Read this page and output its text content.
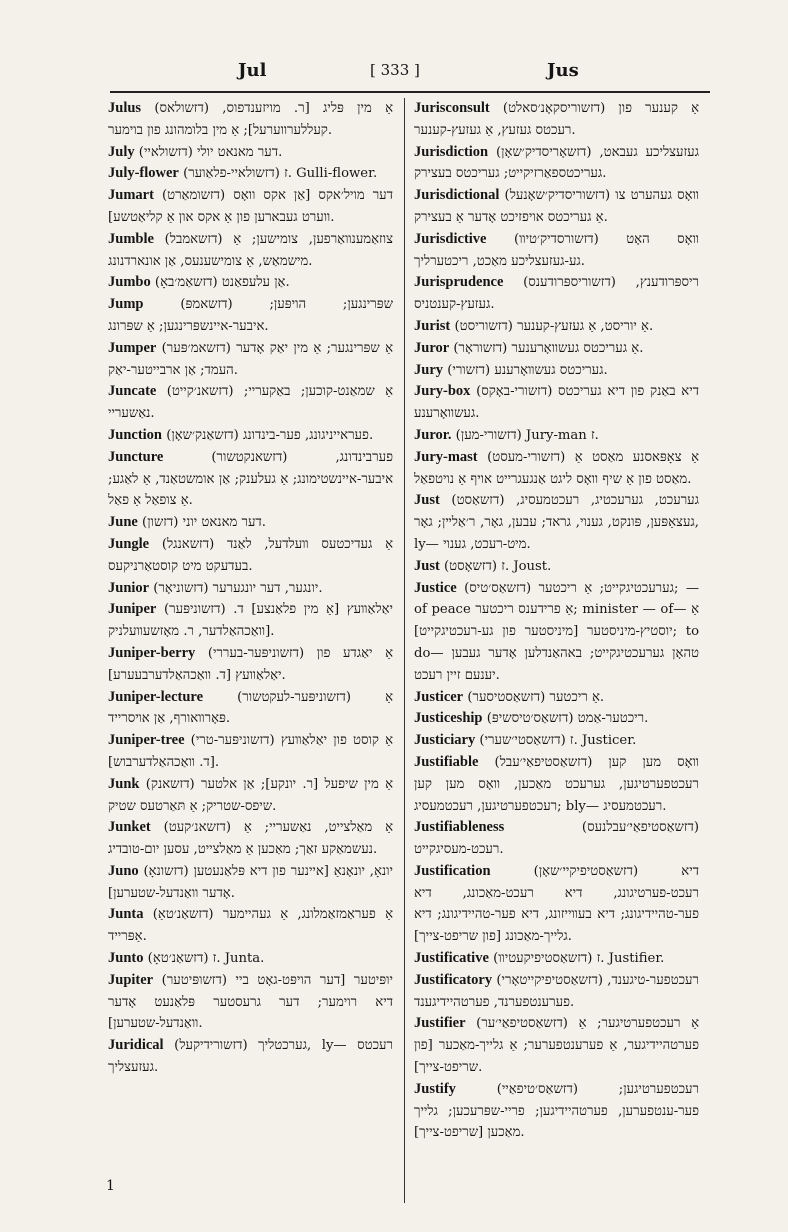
Jul	[ 333 ]	Jus
Julus (דזשולאס) אַ מין פּליג [ר. מויזענדפוס, קעללערװערעל]; אַ מין בלומהונג פון בוימער.
July (דזשולאיי) דער מאנאט יולי.
July-flower (דזשולאיי-פלאַוער) ז. Gulli-flower.
Jumart (דזשומאַרט) דער מויל׳אקס [אַן אקס וואָס װערט געבארען פון אַ אקס און אַ קליאַטשע].
Jumble (דזשאמבל) צוזאַמענװאַרפען, צומישען; אַ מישמאַש, אַ צומישענעס, אַן אונארדנונג.
Jumbo (דזשאַמ׳באָ) אַן עלעפאַנט.
Jump	(דזשאמפּ) שפּרינגען; הויפּען; איבער-איינשפּרינגען; אַ שפּרונג.
Jumper (דזשאמ׳פּער) אַ שפּרינגער; אַ מין יאַק אָדער העמד; אַן ארבייטער-יאַק.
Juncate (דזשאנ׳קייט) אַ שמאַנט-קוכען; באַקעריי; נאַשעריי.
Junction (דזשאַנק׳שאָן) פעראייניגונג, פער-בינדונג.
Juncture	(דזשאנקטשור) פערבינדונג, איבער-איינשטימונג; אַ געלענק; אַן אומשטאַנד, אַ לאַגע; אַ צופאַל אַ פאַל.
June (דזשון) דער מאנאט יוני.
Jungle (דזשאנגל) אַ געדיכטעס װעלדעל, לאַנד בעדעקט מיט קוסטאַרניקעס.
Junior (דזשוניאָר) יונגער, דער יונגערער.
Juniper (דזשוניפּער) יאַלאַװעץ [אַ מין פלאַנצע] ד. װאַכהאַלדער, ר. מאָזשעװעלניק].
Juniper-berry (דזשוניפּער-בעררי) אַ יאַגדע פון יאַלאַװעץ [ד. װאַכהאַלדערבעערע].
Juniper-lecture	אַ (דזשוניפּער-לעקטשור) פּאָרװאורף, אַן אױסרייד.
Juniper-tree (דזשוניפּער-טרי) אַ קוסט פון יאַלאַװעץ [ד. װאַכהאַלדערבוש].
Junk (דזשאנק) אַ מין שיפעל [ר. יונקע]; אַן אלטער שיפס-שטריק; אַ תּאַרטעס שטיק.
Junket (דזשאנ׳קעט) אַ מאַלצייט, נאַשעריי; אַ נעשמאַקע זאַך; מאַכען אַ מאַלצייט, עסען יום-טובדיג.
Juno (דזשונאָ) יונאָ, יונאָנאַ [איינער פון דיא פּלאַנעטען אָדער װאַנדעל-שטערען].
Junta (דזשאַנ׳טאַ) אַ פעראַמזאַמלונג, אַ געהיימער אַפּרייד.
Junto (דזשאַנ׳טאָ) ז. Junta.
Jupiter (דזשופּיטער) יופּיטער [דער הויפּט-גאָט ביי דיא רוימער; דער גרעסטער פּלאַנעט אָדער װאַנדעל-שטערען].
Juridical (דזשורידיקעל) גערכטליך, ly— רעכטס געזעצליך.
Jurisconsult (דזשוריסקאָנ׳סאלט) אַ קענער פון רעכטס געזעץ, אַ געזעץ-קענער.
Jurisdiction (דזשאָריסדיק׳שאָן) געזעצליכע געבאט, געריכטספאַרזיקייט; געריכטס בעצירק.
Jurisdictional (דזשוריסדיק׳שאָנעל) װאָס געהערט צו אַ געריכטס אויפזיכט אָדער אַ בעצירק.
Jurisdictive (דזשורסדיק׳טיװ) װאָס האָט גע-געזעצליכע מאַכט, ריכטערליך.
Jurisprudence (דזשוריספּרודענס) ריספּרודענץ, געזעץ-קענטניס.
Jurist (דזשוריסט) אַ יוריסט, אַ געזעץ-קענער.
Juror (דזשוראָר) אַ געריכטס געשװאָרענער.
Jury (דזשורי) געריכטס געשװאָרענע.
Jury-box (דזשורי-באָקס) דיא באַנק פון דיא געריכטס געשװאָרענע.
Juror. (דזשורי-מען) Jury-man ז.
Jury-mast (דזשורי-מעסט) אַ צאָפּאסנע מאַסט אַ מאַסט פון אַ שיף װאָס ליגט אַנגעגרייט אויף אַ נויטפאַל.
Just (דזשאַסט) גערעכט, גערעכטיג, רעכטמעסיג, געצאַפּען, פּונקט, גענוי, גראד; עבען, גאָר, ר׳אַלײן; גאָר, ly— מיט-רעכט, גענוי.
Just (דזשאָסט) ז. Joust.
Justice (דזשאַס׳טיס) גערעכטיגקייט; אַ ריכטער; — of peace אַ פרידענס ריכטער; minister — of— אַ יוסטיץ-מיניסטער [מיניסטער פון גע-רעכטיגקייט]; to do— טהאָן גערעכטיגקייט; באהאַנדלען אָדער געבען יענעם זיין רעכט.
Justicer (דזשאַסטיסער) אַ ריכטער.
Justiceship (דזשאַס׳טיסשיפּ) ריכטער-אַמט.
Justiciary (דזשאַסטי׳שערי) ז. Justicer.
Justifiable (דזשאַסטיפאַי׳עבל) װאָס מען קען רעכטפערטיגען, גערעכט מאַכען, װאָס מען קען רעכטפערטיגען, רעכטמעסיג; bly— רעכטמעסיג.
Justifiableness	(דזשאַסטיפאַי׳עבלנעס) רעכט-מעסיגקייט.
Justification	(דזשאַסטיפיקיי׳שאָן) דיא רעכט-פערטיגונג, דיא רעכט-מאַכונג, דיא פער-טהיידיגונג; דיא בעװייזונג, דיא פער-טהיידיגונג; דיא גלייך-מאַכונג [פון שריפט-צייך].
Justificative (דזשאַסטיפיקעטיװ) ז. Justifier.
Justificatory (דזשאַסטיפיקייטאָרי) רעכטפער-טיגענד, פערענטפערנד, פערטהיידיגענד.
Justifier (דזשאַסטיפאַי׳ער) אַ רעכטפערטיגער; אַ פערטהיידיגער, אַ פערענטפערער; אַ גלייך-מאַכער [פון שריפט-צייך].
Justify	(דזשאַס׳טיפאַיי) רעכטפערטיגען; פער-ענטפערען, פערטהיידיגען; פריי-שפּרעכען; גלייך מאַכען [שריפט-צייך].
1
